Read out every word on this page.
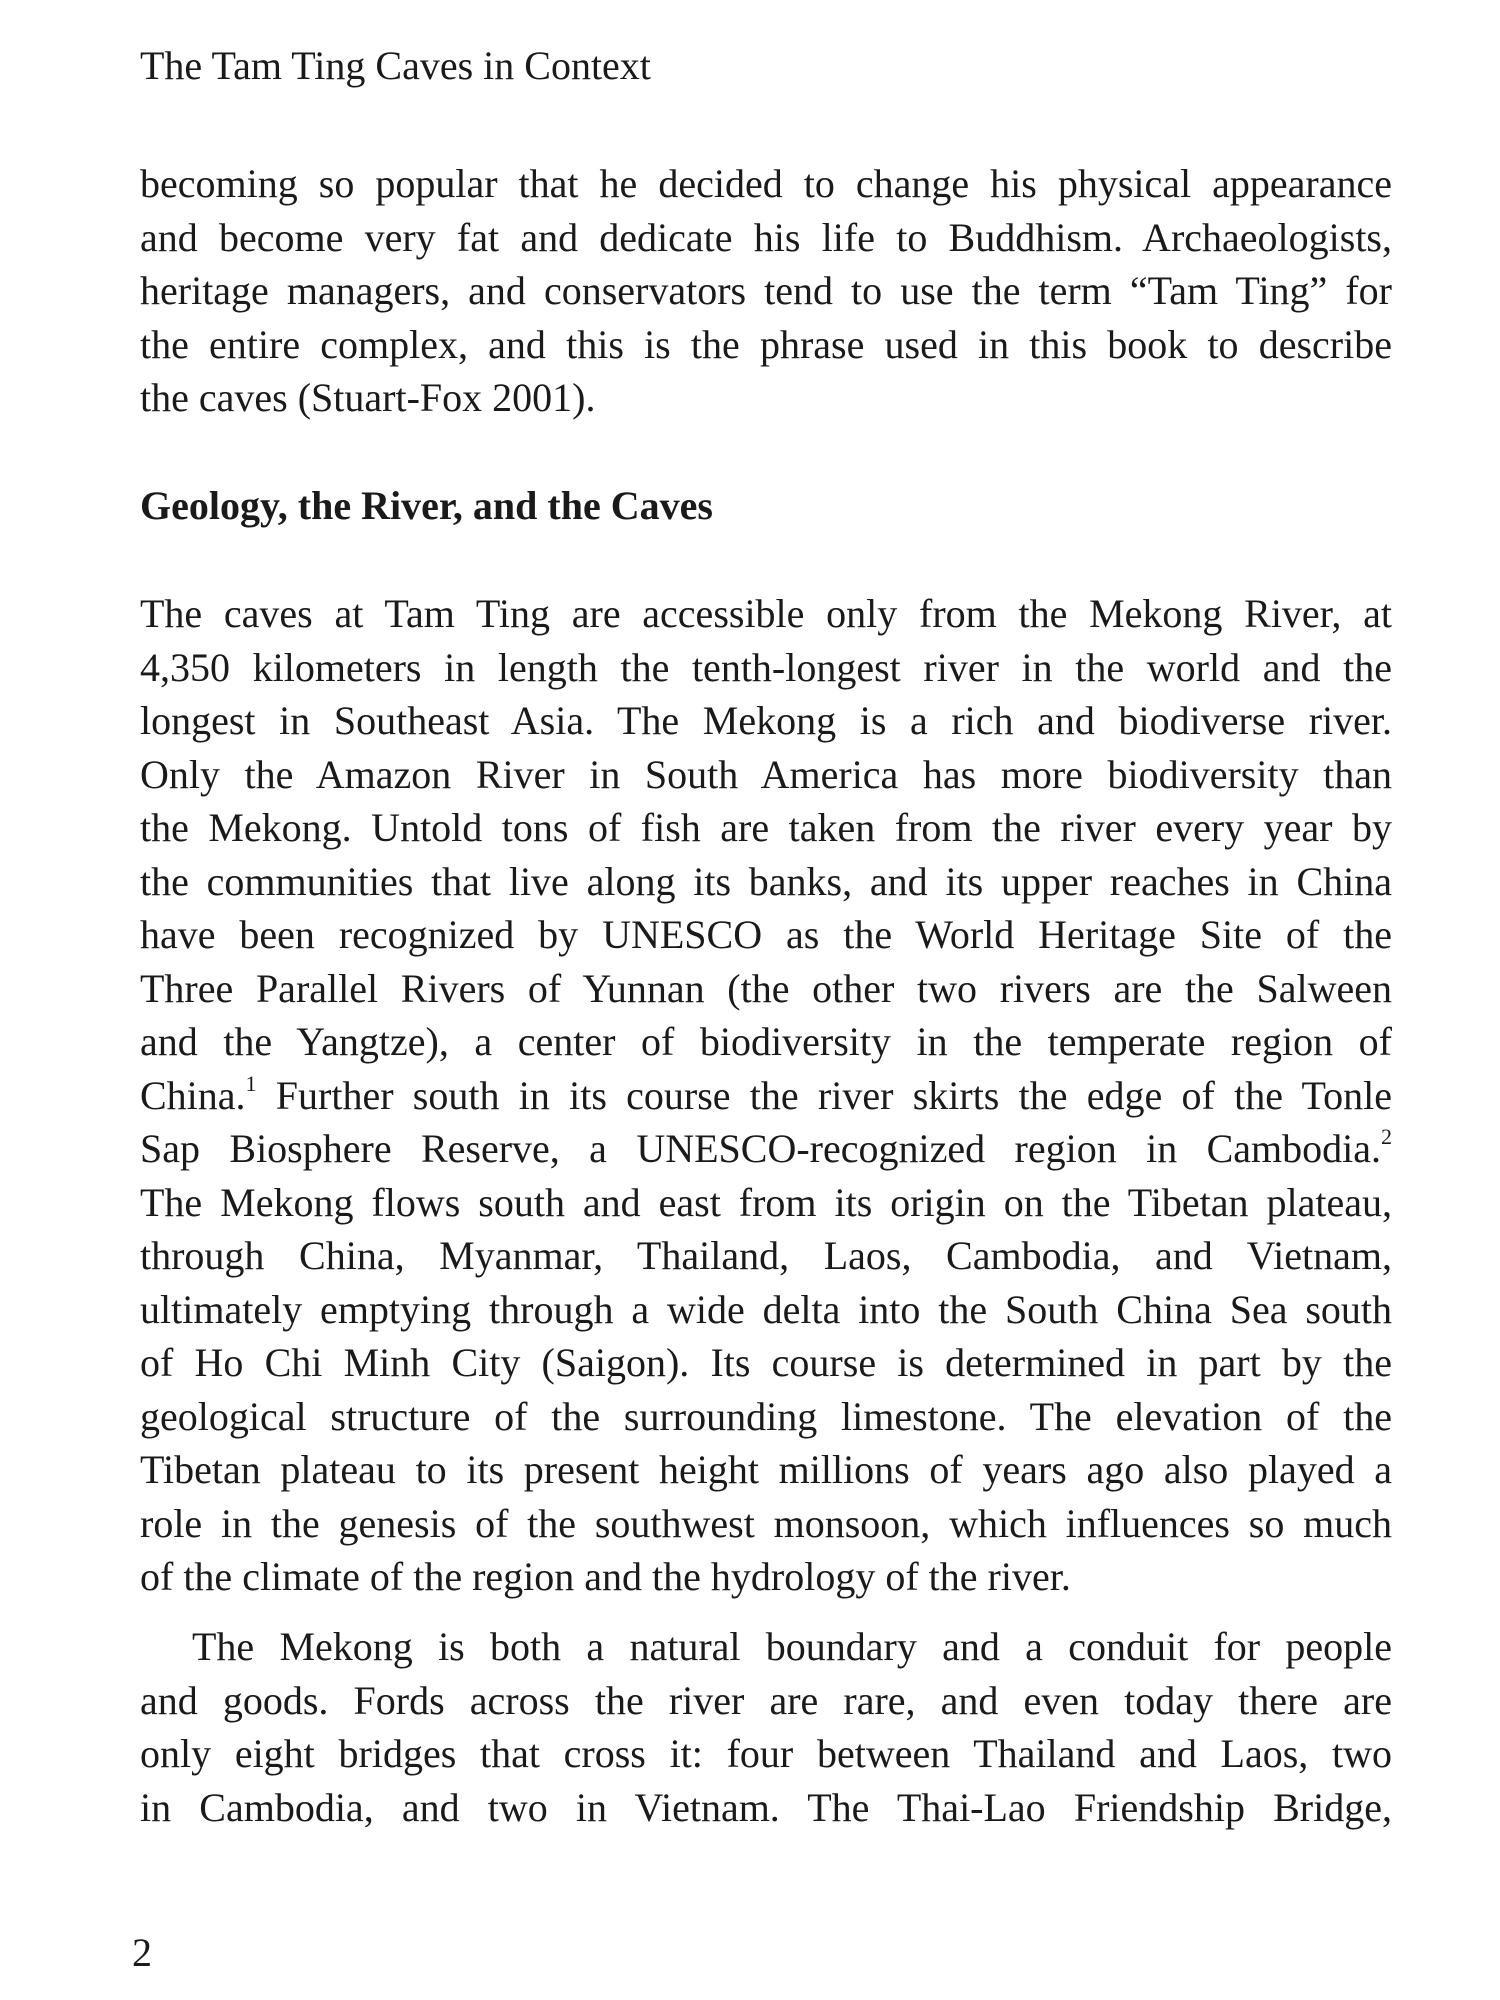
The Tam Ting Caves in Context
becoming so popular that he decided to change his physical appearance
and become very fat and dedicate his life to Buddhism. Archaeologists,
heritage managers, and conservators tend to use the term “Tam Ting” for
the entire complex, and this is the phrase used in this book to describe
the caves (Stuart-Fox 2001).
Geology, the River, and the Caves
The caves at Tam Ting are accessible only from the Mekong River, at
4,350 kilometers in length the tenth-longest river in the world and the
longest in Southeast Asia. The Mekong is a rich and biodiverse river.
Only the Amazon River in South America has more biodiversity than
the Mekong. Untold tons of fish are taken from the river every year by
the communities that live along its banks, and its upper reaches in China
have been recognized by UNESCO as the World Heritage Site of the
Three Parallel Rivers of Yunnan (the other two rivers are the Salween
and the Yangtze), a center of biodiversity in the temperate region of
China.$^1$ Further south in its course the river skirts the edge of the Tonle
Sap Biosphere Reserve, a UNESCO-recognized region in Cambodia.$^2$
The Mekong flows south and east from its origin on the Tibetan plateau,
through China, Myanmar, Thailand, Laos, Cambodia, and Vietnam,
ultimately emptying through a wide delta into the South China Sea south
of Ho Chi Minh City (Saigon). Its course is determined in part by the
geological structure of the surrounding limestone. The elevation of the
Tibetan plateau to its present height millions of years ago also played a
role in the genesis of the southwest monsoon, which influences so much
of the climate of the region and the hydrology of the river.
The Mekong is both a natural boundary and a conduit for people
and goods. Fords across the river are rare, and even today there are
only eight bridges that cross it: four between Thailand and Laos, two
in Cambodia, and two in Vietnam. The Thai-Lao Friendship Bridge,
2
